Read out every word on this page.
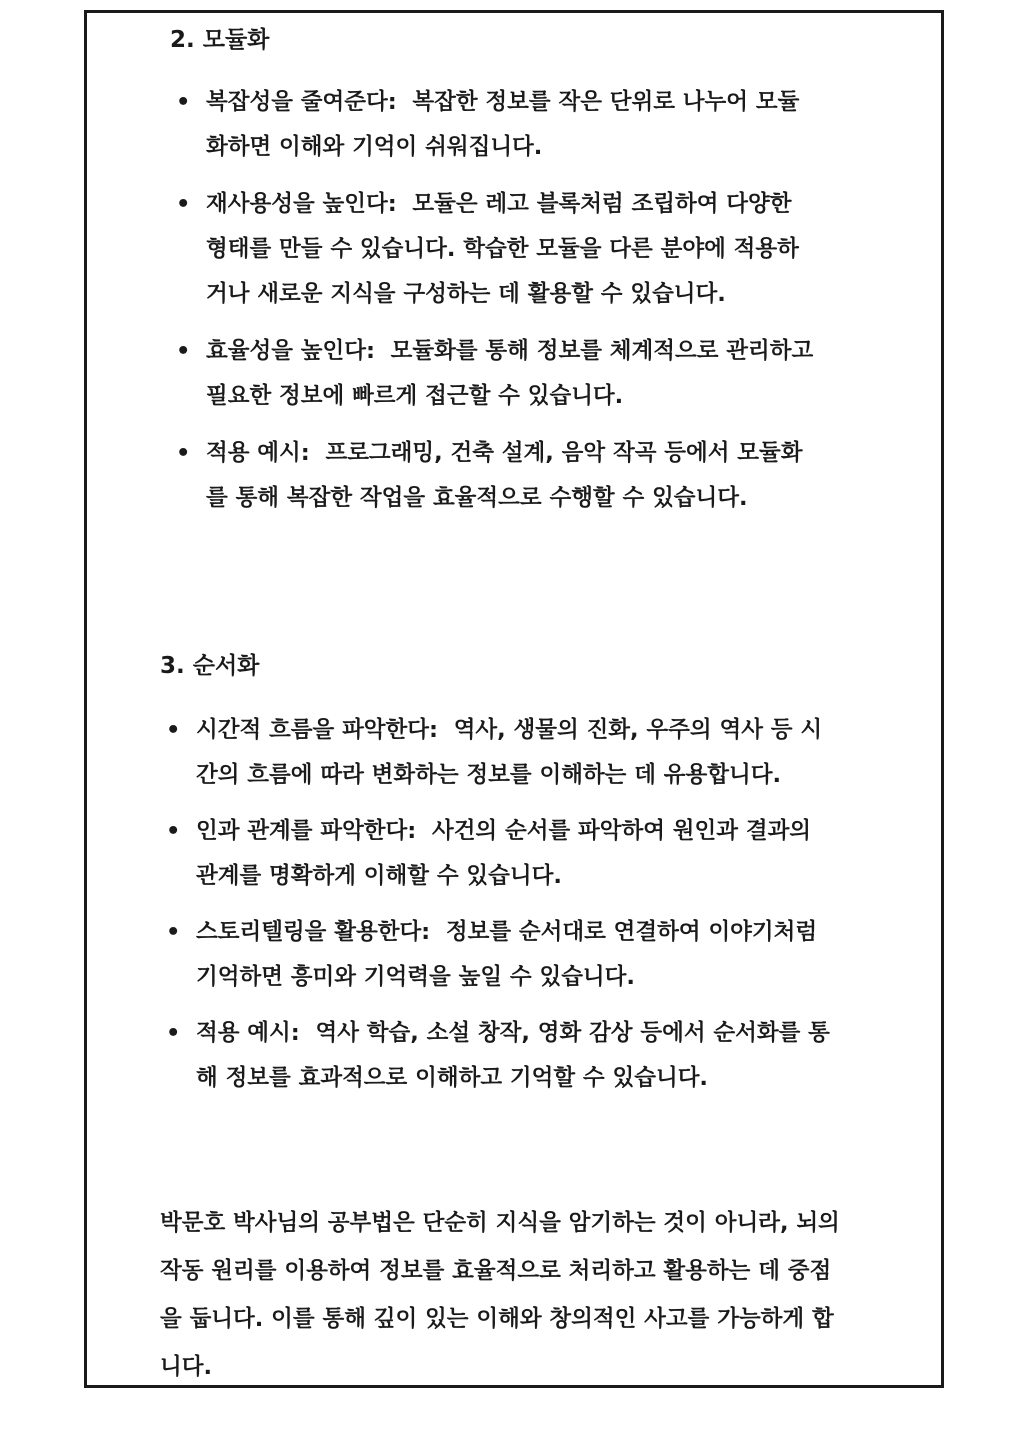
2. 모듈화
• 복잡성을 줄여준다: 복잡한 정보를 작은 단위로 나누어 모듈화하면 이해와 기억이 쉬워집니다.
• 재사용성을 높인다: 모듈은 레고 블록처럼 조립하여 다양한 형태를 만들 수 있습니다. 학습한 모듈을 다른 분야에 적용하거나 새로운 지식을 구성하는 데 활용할 수 있습니다.
• 효율성을 높인다: 모듈화를 통해 정보를 체계적으로 관리하고 필요한 정보에 빠르게 접근할 수 있습니다.
• 적용 예시: 프로그래밍, 건축 설계, 음악 작곡 등에서 모듈화를 통해 복잡한 작업을 효율적으로 수행할 수 있습니다.
3. 순서화
• 시간적 흐름을 파악한다: 역사, 생물의 진화, 우주의 역사 등 시간의 흐름에 따라 변화하는 정보를 이해하는 데 유용합니다.
• 인과 관계를 파악한다: 사건의 순서를 파악하여 원인과 결과의 관계를 명확하게 이해할 수 있습니다.
• 스토리텔링을 활용한다: 정보를 순서대로 연결하여 이야기처럼 기억하면 흥미와 기억력을 높일 수 있습니다.
• 적용 예시: 역사 학습, 소설 창작, 영화 감상 등에서 순서화를 통해 정보를 효과적으로 이해하고 기억할 수 있습니다.

박문호 박사님의 공부법은 단순히 지식을 암기하는 것이 아니라, 뇌의 작동 원리를 이용하여 정보를 효율적으로 처리하고 활용하는 데 중점을 둡니다. 이를 통해 깊이 있는 이해와 창의적인 사고를 가능하게 합니다.
